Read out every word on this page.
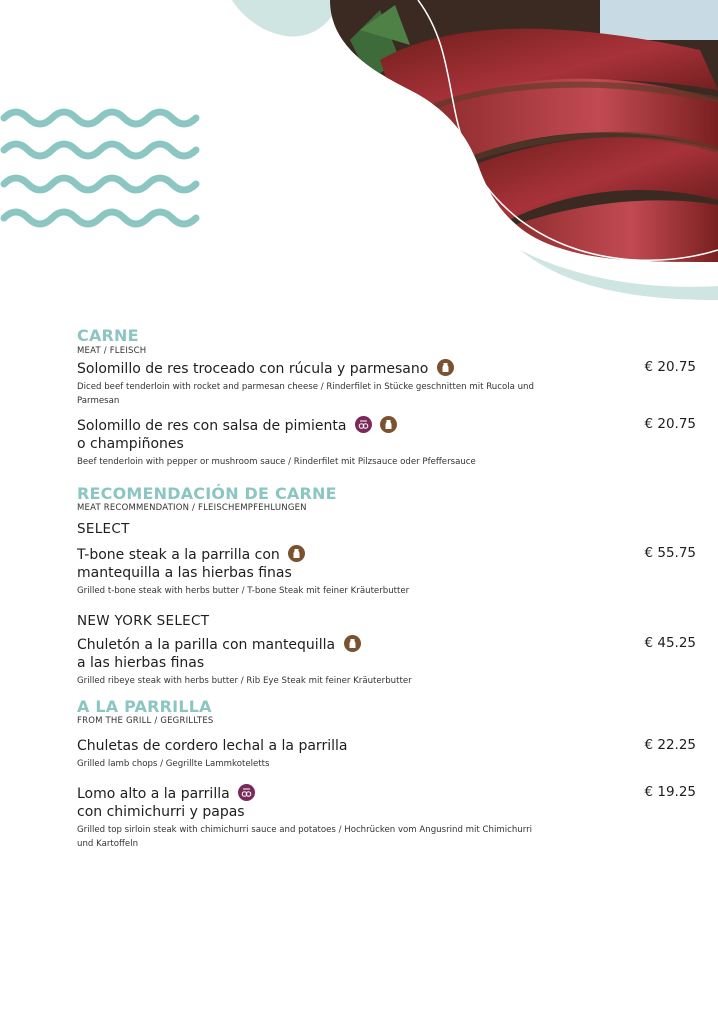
CARNE
MEAT / FLEISCH
Solomillo de res troceado con rúcula y parmesano
Diced beef tenderloin with rocket and parmesan cheese / Rinderfilet in Stücke geschnitten mit Rucola und Parmesan
€ 20.75
Solomillo de res con salsa de pimienta

o champiñones
Beef tenderloin with pepper or mushroom sauce / Rinderfilet mit Pilzsauce oder Pfeffersauce
€ 20.75
RECOMENDACIÓN DE CARNE
MEAT RECOMMENDATION / FLEISCHEMPFEHLUNGEN
SELECT
T-bone steak a la parrilla con

mantequilla a las hierbas finas
Grilled t-bone steak with herbs butter / T-bone Steak mit feiner Kräuterbutter
€ 55.75
NEW YORK SELECT
Chuletón a la parilla con mantequilla

a las hierbas finas
Grilled ribeye steak with herbs butter / Rib Eye Steak mit feiner Kräuterbutter
€ 45.25
A LA PARRILLA
FROM THE GRILL / GEGRILLTES
Chuletas de cordero lechal a la parrilla
Grilled lamb chops / Gegrillte Lammkoteletts
€ 22.25
Lomo alto a la parrilla

con chimichurri y papas
Grilled top sirloin steak with chimichurri sauce and potatoes / Hochrücken vom Angusrind mit Chimichurri und Kartoffeln
€ 19.25
